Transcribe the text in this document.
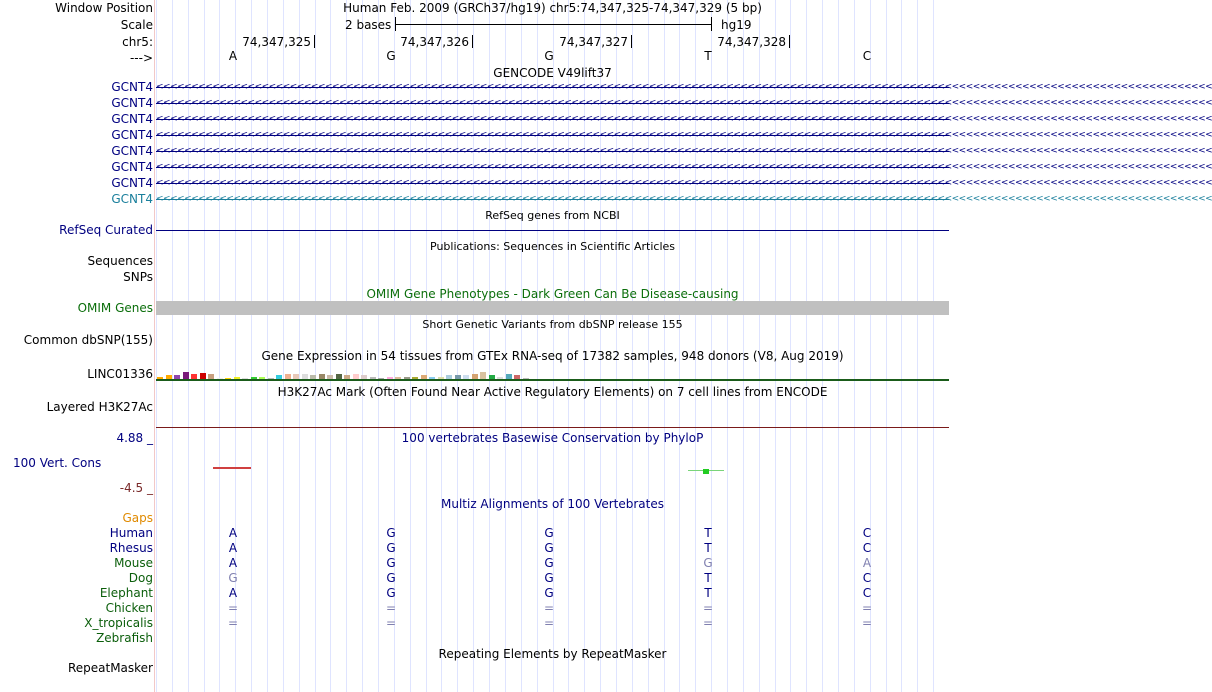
Window Position	Human Feb. 2009 (GRCh37/hg19) chr5:74,347,325-74,347,329 (5 bp)
Scale	2 bases	hg19
chr5:	74,347,325	74,347,326	74,347,327	74,347,328
--->	A	G	G	T	C
GENCODE V49lift37
GCNT4 <<<<<<<<<<<<<<<<<<<<<<<<<<<<<<<<<<<<<<<<<<<<<<<<<<<<<<<<<<<<<<<<<<<<<<<<<<<<<<<<<<<<<<<<<<<<<<<<<<<<<<<<<<<<<<<<<<<<<<<<<<<<<<<<<<<<<<<<<<<<<<<<<<<<<<
GCNT4 <<<<<<<<<<<<<<<<<<<<<<<<<<<<<<<<<<<<<<<<<<<<<<<<<<<<<<<<<<<<<<<<<<<<<<<<<<<<<<<<<<<<<<<<<<<<<<<<<<<<<<<<<<<<<<<<<<<<<<<<<<<<<<<<<<<<<<<<<<<<<<<<<<<<<<
GCNT4 <<<<<<<<<<<<<<<<<<<<<<<<<<<<<<<<<<<<<<<<<<<<<<<<<<<<<<<<<<<<<<<<<<<<<<<<<<<<<<<<<<<<<<<<<<<<<<<<<<<<<<<<<<<<<<<<<<<<<<<<<<<<<<<<<<<<<<<<<<<<<<<<<<<<<<
GCNT4 <<<<<<<<<<<<<<<<<<<<<<<<<<<<<<<<<<<<<<<<<<<<<<<<<<<<<<<<<<<<<<<<<<<<<<<<<<<<<<<<<<<<<<<<<<<<<<<<<<<<<<<<<<<<<<<<<<<<<<<<<<<<<<<<<<<<<<<<<<<<<<<<<<<<<<
GCNT4 <<<<<<<<<<<<<<<<<<<<<<<<<<<<<<<<<<<<<<<<<<<<<<<<<<<<<<<<<<<<<<<<<<<<<<<<<<<<<<<<<<<<<<<<<<<<<<<<<<<<<<<<<<<<<<<<<<<<<<<<<<<<<<<<<<<<<<<<<<<<<<<<<<<<<<
GCNT4 <<<<<<<<<<<<<<<<<<<<<<<<<<<<<<<<<<<<<<<<<<<<<<<<<<<<<<<<<<<<<<<<<<<<<<<<<<<<<<<<<<<<<<<<<<<<<<<<<<<<<<<<<<<<<<<<<<<<<<<<<<<<<<<<<<<<<<<<<<<<<<<<<<<<<<
GCNT4 <<<<<<<<<<<<<<<<<<<<<<<<<<<<<<<<<<<<<<<<<<<<<<<<<<<<<<<<<<<<<<<<<<<<<<<<<<<<<<<<<<<<<<<<<<<<<<<<<<<<<<<<<<<<<<<<<<<<<<<<<<<<<<<<<<<<<<<<<<<<<<<<<<<<<<
GCNT4 <<<<<<<<<<<<<<<<<<<<<<<<<<<<<<<<<<<<<<<<<<<<<<<<<<<<<<<<<<<<<<<<<<<<<<<<<<<<<<<<<<<<<<<<<<<<<<<<<<<<<<<<<<<<<<<<<<<<<<<<<<<<<<<<<<<<<<<<<<<<<<<<<<<<<<
RefSeq genes from NCBI
RefSeq Curated
Publications: Sequences in Scientific Articles
Sequences
SNPs
OMIM Gene Phenotypes - Dark Green Can Be Disease-causing
OMIM Genes
Short Genetic Variants from dbSNP release 155
Common dbSNP(155)
Gene Expression in 54 tissues from GTEx RNA-seq of 17382 samples, 948 donors (V8, Aug 2019)
LINC01336
H3K27Ac Mark (Often Found Near Active Regulatory Elements) on 7 cell lines from ENCODE
Layered H3K27Ac
100 vertebrates Basewise Conservation by PhyloP
4.88 _
100 Vert. Cons
-4.5 _
Multiz Alignments of 100 Vertebrates
Gaps
Human	A	G	G	T	C
Rhesus	A	G	G	T	C
Mouse	A	G	G	G	A
Dog	G	G	G	T	C
Elephant	A	G	G	T	C
Chicken	=	=	=	=	=
X_tropicalis	=	=	=	=	=
Zebrafish
Repeating Elements by RepeatMasker
RepeatMasker
